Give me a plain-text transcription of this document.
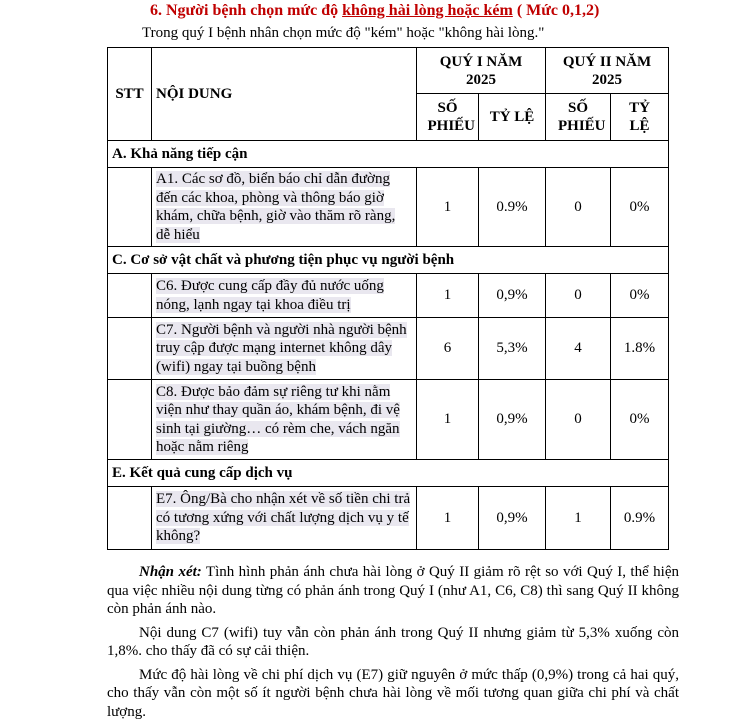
6. Người bệnh chọn mức độ không hài lòng hoặc kém ( Mức 0,1,2)
Trong quý I bệnh nhân chọn mức độ "kém" hoặc "không hài lòng."
STT	NỘI DUNG	QUÝ I NĂM 2025		QUÝ II NĂM 2025	

		SỐ PHIẾU	TỶ LỆ	SỐ PHIẾU	TỶ LỆ

A. Khả năng tiếp cận					
	A1. Các sơ đồ, biển báo chỉ dẫn đường đến các khoa, phòng và thông báo giờ khám, chữa bệnh, giờ vào thăm rõ ràng, dễ hiểu	1	0.9%	0	0%
C. Cơ sở vật chất và phương tiện phục vụ người bệnh					
	C6. Được cung cấp đầy đủ nước uống nóng, lạnh ngay tại khoa điều trị	1	0,9%	0	0%
	C7. Người bệnh và người nhà người bệnh truy cập được mạng internet không dây (wifi) ngay tại buồng bệnh	6	5,3%	4	1.8%
	C8. Được bảo đảm sự riêng tư khi nằm viện như thay quần áo, khám bệnh, đi vệ sinh tại giường… có rèm che, vách ngăn hoặc nằm riêng	1	0,9%	0	0%
E. Kết quả cung cấp dịch vụ					
	E7. Ông/Bà cho nhận xét về số tiền chi trả có tương xứng với chất lượng dịch vụ y tế không?	1	0,9%	1	0.9%

Nhận xét: Tình hình phản ánh chưa hài lòng ở Quý II giảm rõ rệt so với Quý I, thể hiện qua việc nhiều nội dung từng có phản ánh trong Quý I (như A1, C6, C8) thì sang Quý II không còn phản ánh nào.

Nội dung C7 (wifi) tuy vẫn còn phản ánh trong Quý II nhưng giảm từ 5,3% xuống còn 1,8%. cho thấy đã có sự cải thiện.

Mức độ hài lòng về chi phí dịch vụ (E7) giữ nguyên ở mức thấp (0,9%) trong cả hai quý, cho thấy vẫn còn một số ít người bệnh chưa hài lòng về mối tương quan giữa chi phí và chất lượng.
